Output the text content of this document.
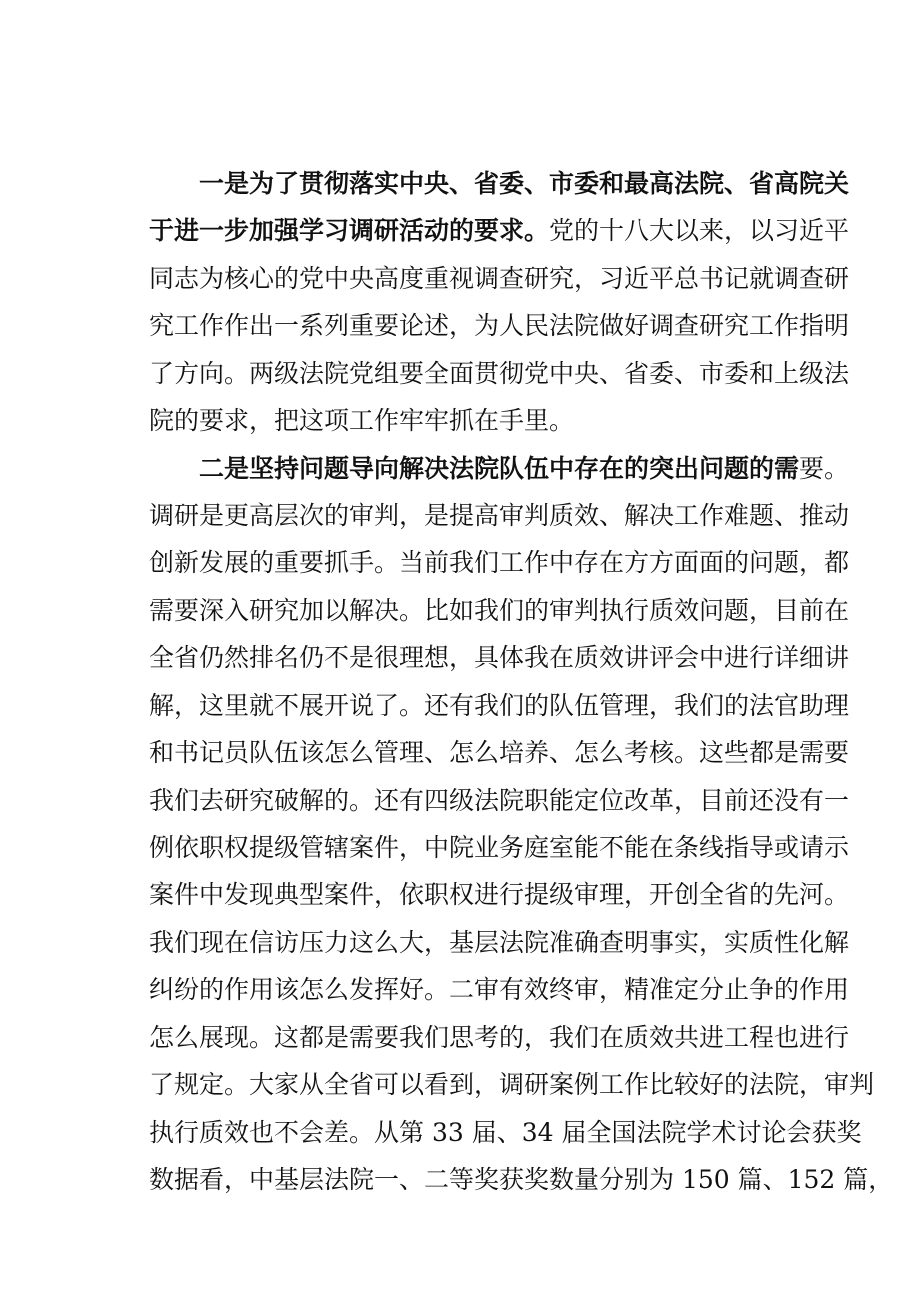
一是为了贯彻落实中央、省委、市委和最高法院、省高院关

于进一步加强学习调研活动的要求。党的十八大以来，以习近平

同志为核心的党中央高度重视调查研究，习近平总书记就调查研

究工作作出一系列重要论述，为人民法院做好调查研究工作指明

了方向。两级法院党组要全面贯彻党中央、省委、市委和上级法

院的要求，把这项工作牢牢抓在手里。

二是坚持问题导向解决法院队伍中存在的突出问题的需要。

调研是更高层次的审判，是提高审判质效、解决工作难题、推动

创新发展的重要抓手。当前我们工作中存在方方面面的问题，都

需要深入研究加以解决。比如我们的审判执行质效问题，目前在

全省仍然排名仍不是很理想，具体我在质效讲评会中进行详细讲

解，这里就不展开说了。还有我们的队伍管理，我们的法官助理

和书记员队伍该怎么管理、怎么培养、怎么考核。这些都是需要

我们去研究破解的。还有四级法院职能定位改革，目前还没有一

例依职权提级管辖案件，中院业务庭室能不能在条线指导或请示

案件中发现典型案件，依职权进行提级审理，开创全省的先河。

我们现在信访压力这么大，基层法院准确查明事实，实质性化解

纠纷的作用该怎么发挥好。二审有效终审，精准定分止争的作用

怎么展现。这都是需要我们思考的，我们在质效共进工程也进行

了规定。大家从全省可以看到，调研案例工作比较好的法院，审判

执行质效也不会差。从第 33 届、34 届全国法院学术讨论会获奖

数据看，中基层法院一、二等奖获奖数量分别为 150 篇、152 篇，
